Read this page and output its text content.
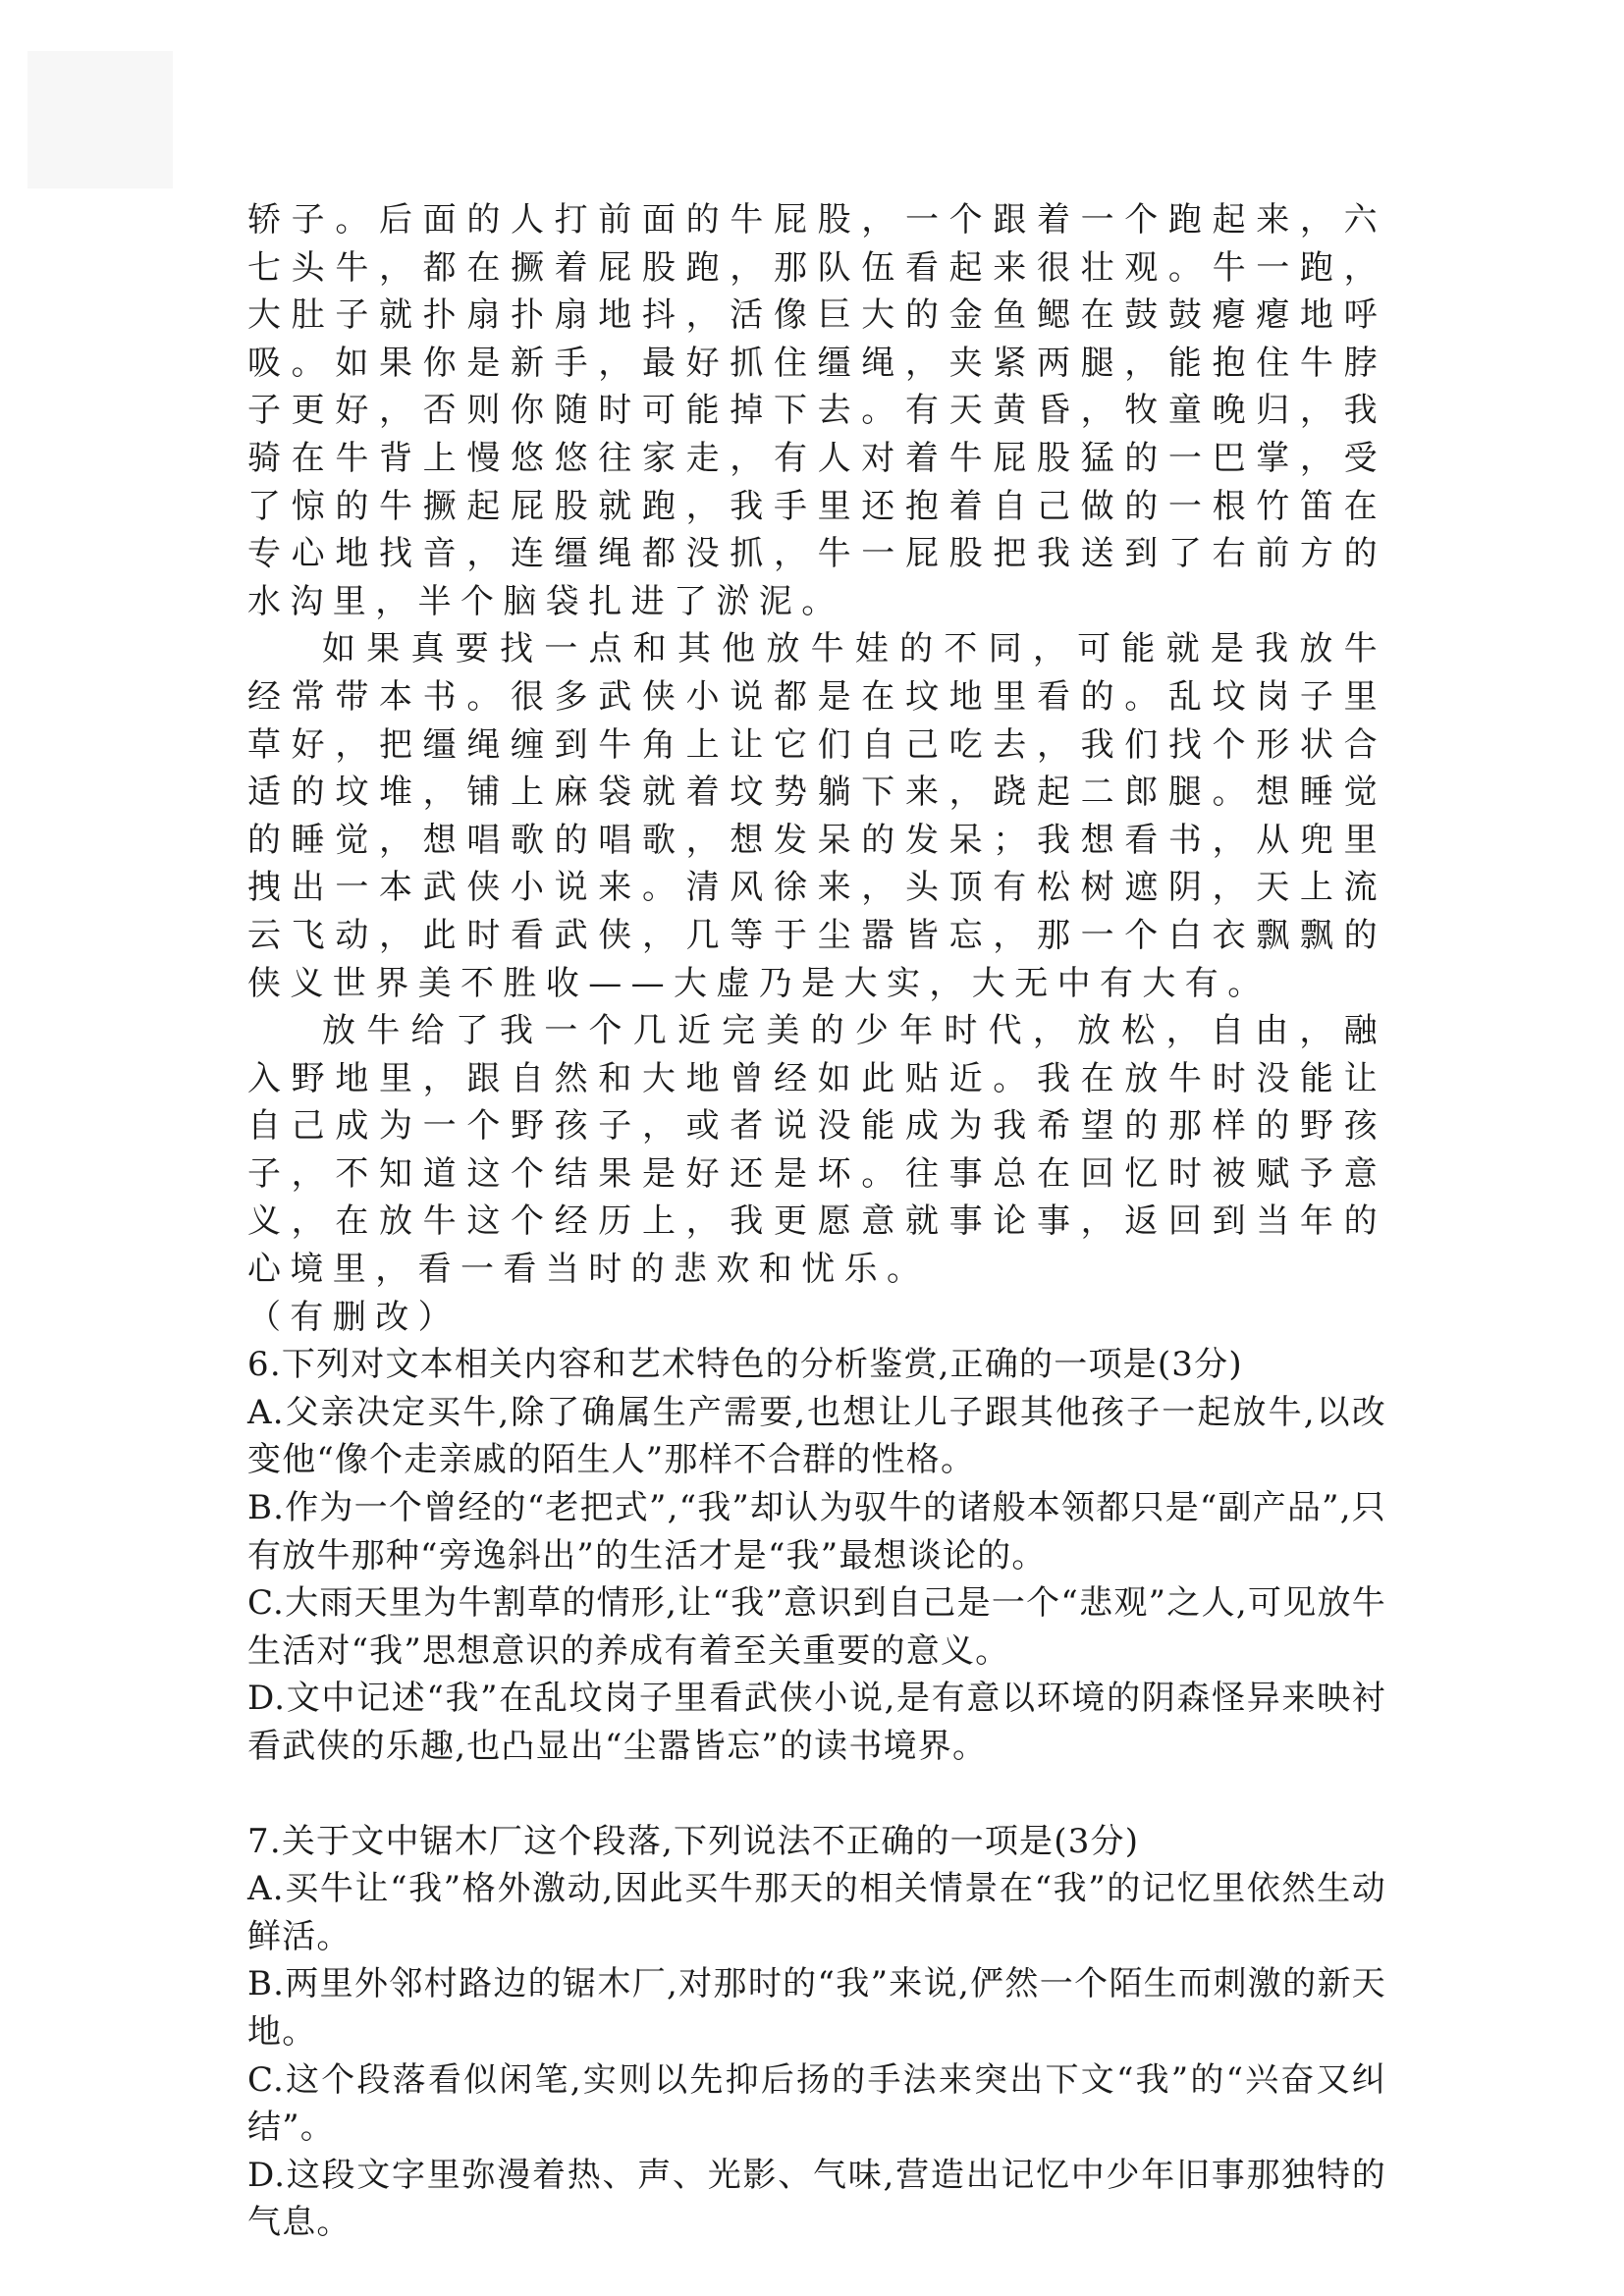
轿子。后面的人打前面的牛屁股，一个跟着一个跑起来，六七头牛，都在撅着屁股跑，那队伍看起来很壮观。牛一跑，大肚子就扑扇扑扇地抖，活像巨大的金鱼鳃在鼓鼓瘪瘪地呼吸。如果你是新手，最好抓住缰绳，夹紧两腿，能抱住牛脖子更好，否则你随时可能掉下去。有天黄昏，牧童晚归，我骑在牛背上慢悠悠往家走，有人对着牛屁股猛的一巴掌，受了惊的牛撅起屁股就跑，我手里还抱着自己做的一根竹笛在专心地找音，连缰绳都没抓，牛一屁股把我送到了右前方的水沟里，半个脑袋扎进了淤泥。

如果真要找一点和其他放牛娃的不同，可能就是我放牛经常带本书。很多武侠小说都是在坟地里看的。乱坟岗子里草好，把缰绳缠到牛角上让它们自己吃去，我们找个形状合适的坟堆，铺上麻袋就着坟势躺下来，跷起二郎腿。想睡觉的睡觉，想唱歌的唱歌，想发呆的发呆；我想看书，从兜里拽出一本武侠小说来。清风徐来，头顶有松树遮阴，天上流云飞动，此时看武侠，几等于尘嚣皆忘，那一个白衣飘飘的侠义世界美不胜收——大虚乃是大实，大无中有大有。

放牛给了我一个几近完美的少年时代，放松，自由，融入野地里，跟自然和大地曾经如此贴近。我在放牛时没能让自己成为一个野孩子，或者说没能成为我希望的那样的野孩子，不知道这个结果是好还是坏。往事总在回忆时被赋予意义，在放牛这个经历上，我更愿意就事论事，返回到当年的心境里，看一看当时的悲欢和忧乐。

（有删改）

6.下列对文本相关内容和艺术特色的分析鉴赏,正确的一项是(3分)

A.父亲决定买牛,除了确属生产需要,也想让儿子跟其他孩子一起放牛,以改变他“像个走亲戚的陌生人”那样不合群的性格。

B.作为一个曾经的“老把式”,“我”却认为驭牛的诸般本领都只是“副产品”,只有放牛那种“旁逸斜出”的生活才是“我”最想谈论的。

C.大雨天里为牛割草的情形,让“我”意识到自己是一个“悲观”之人,可见放牛生活对“我”思想意识的养成有着至关重要的意义。

D.文中记述“我”在乱坟岗子里看武侠小说,是有意以环境的阴森怪异来映衬看武侠的乐趣,也凸显出“尘嚣皆忘”的读书境界。

7.关于文中锯木厂这个段落,下列说法不正确的一项是(3分)

A.买牛让“我”格外激动,因此买牛那天的相关情景在“我”的记忆里依然生动鲜活。

B.两里外邻村路边的锯木厂,对那时的“我”来说,俨然一个陌生而刺激的新天地。

C.这个段落看似闲笔,实则以先抑后扬的手法来突出下文“我”的“兴奋又纠结”。

D.这段文字里弥漫着热、声、光影、气味,营造出记忆中少年旧事那独特的气息。
